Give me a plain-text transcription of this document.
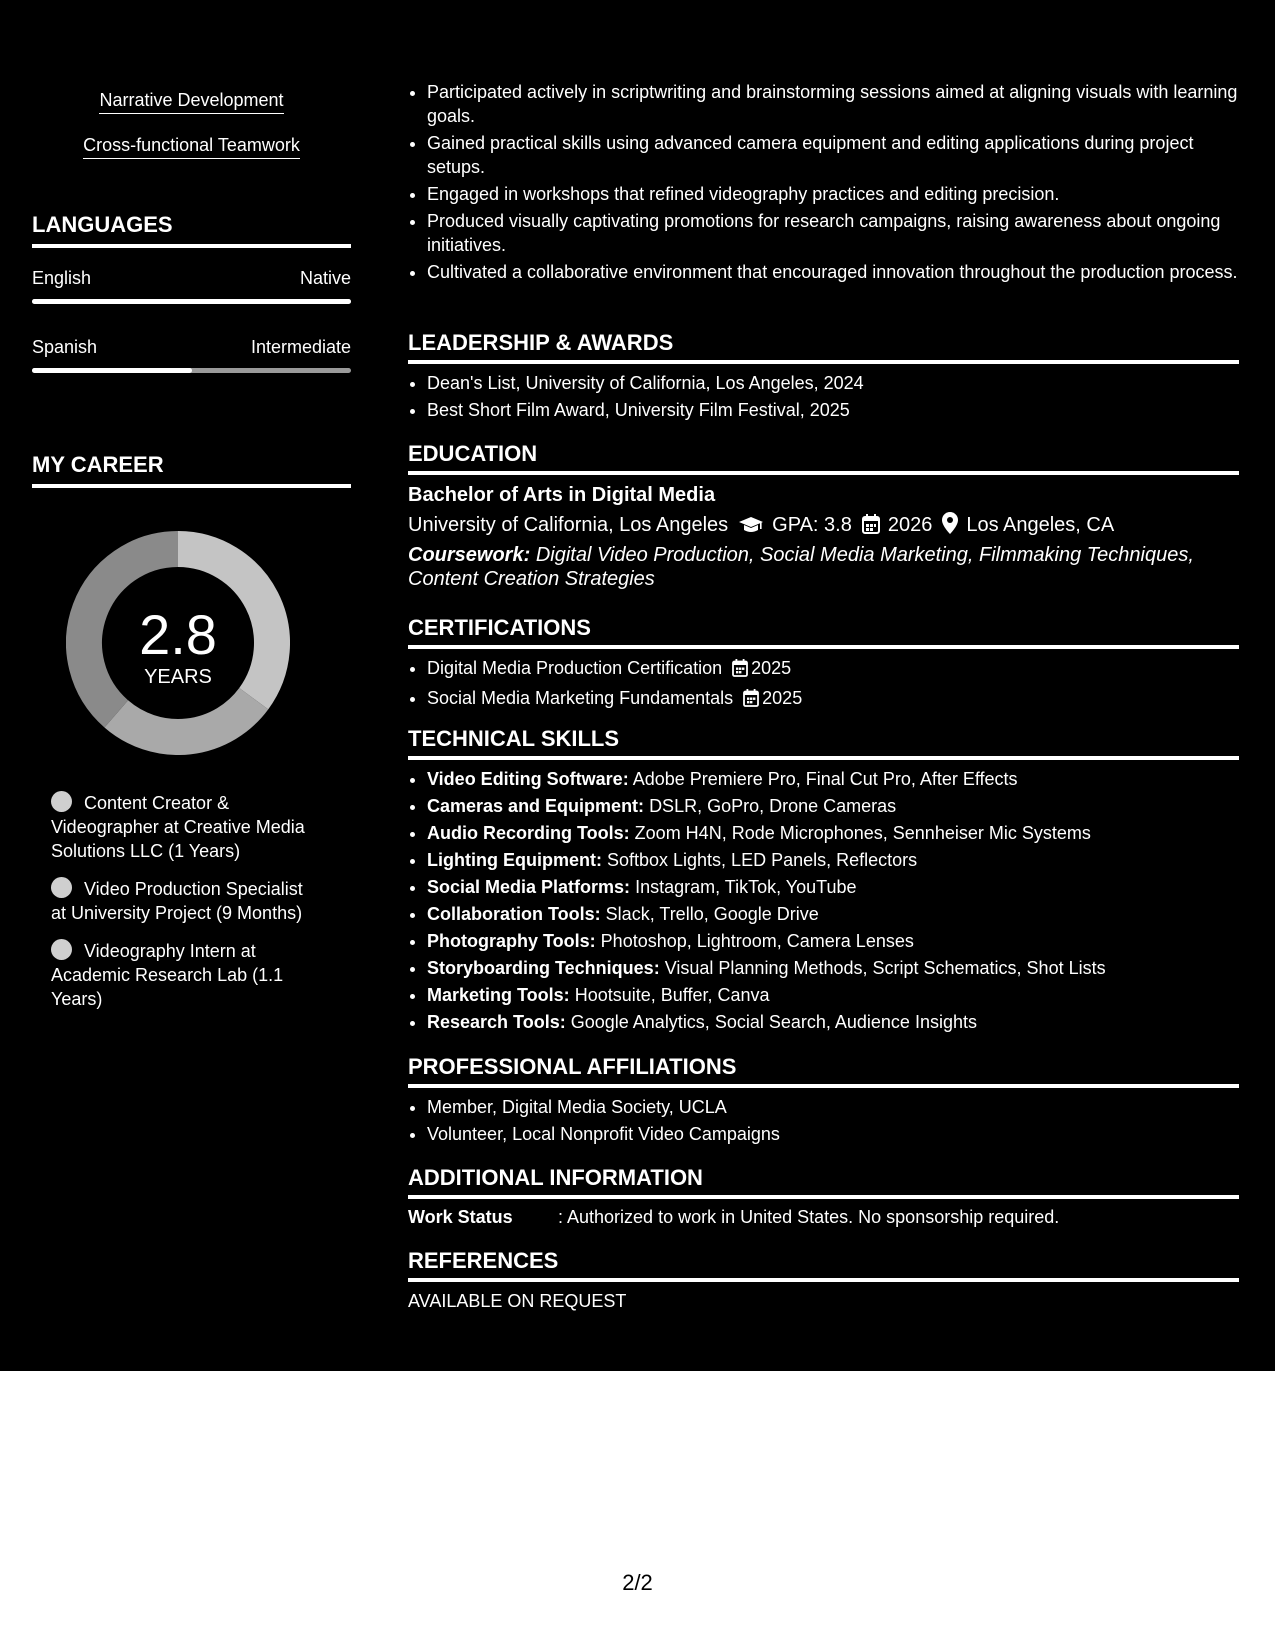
Narrative Development
Cross-functional Teamwork
LANGUAGES
English	Native
Spanish	Intermediate
MY CAREER
2.8
YEARS
Content Creator & Videographer at Creative Media Solutions LLC (1 Years)
Video Production Specialist at University Project (9 Months)
Videography Intern at Academic Research Lab (1.1 Years)
• Participated actively in scriptwriting and brainstorming sessions aimed at aligning visuals with learning goals.
• Gained practical skills using advanced camera equipment and editing applications during project setups.
• Engaged in workshops that refined videography practices and editing precision.
• Produced visually captivating promotions for research campaigns, raising awareness about ongoing initiatives.
• Cultivated a collaborative environment that encouraged innovation throughout the production process.
LEADERSHIP & AWARDS
• Dean's List, University of California, Los Angeles, 2024
• Best Short Film Award, University Film Festival, 2025
EDUCATION
Bachelor of Arts in Digital Media
University of California, Los Angeles GPA: 3.8 2026 Los Angeles, CA
Coursework: Digital Video Production, Social Media Marketing, Filmmaking Techniques, Content Creation Strategies
CERTIFICATIONS
• Digital Media Production Certification 2025
• Social Media Marketing Fundamentals 2025
TECHNICAL SKILLS
• Video Editing Software: Adobe Premiere Pro, Final Cut Pro, After Effects
• Cameras and Equipment: DSLR, GoPro, Drone Cameras
• Audio Recording Tools: Zoom H4N, Rode Microphones, Sennheiser Mic Systems
• Lighting Equipment: Softbox Lights, LED Panels, Reflectors
• Social Media Platforms: Instagram, TikTok, YouTube
• Collaboration Tools: Slack, Trello, Google Drive
• Photography Tools: Photoshop, Lightroom, Camera Lenses
• Storyboarding Techniques: Visual Planning Methods, Script Schematics, Shot Lists
• Marketing Tools: Hootsuite, Buffer, Canva
• Research Tools: Google Analytics, Social Search, Audience Insights
PROFESSIONAL AFFILIATIONS
• Member, Digital Media Society, UCLA
• Volunteer, Local Nonprofit Video Campaigns
ADDITIONAL INFORMATION
Work Status	: Authorized to work in United States. No sponsorship required.
REFERENCES
AVAILABLE ON REQUEST
2/2
